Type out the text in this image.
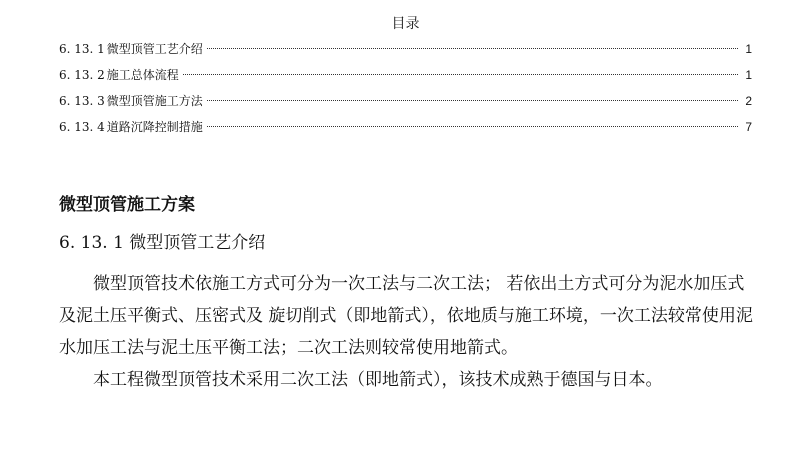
目录
6. 13. 1 微型顶管工艺介绍	1
6. 13. 2 施工总体流程	1
6. 13. 3 微型顶管施工方法	2
6. 13. 4 道路沉降控制措施	7
微型顶管施工方案
6. 13. 1 微型顶管工艺介绍

微型顶管技术依施工方式可分为一次工法与二次工法； 若依出土方式可分为泥水加压式及泥土压平衡式、压密式及 旋切削式（即地箭式），依地质与施工环境，一次工法较常使用泥水加压工法与泥土压平衡工法；二次工法则较常使用地箭式。

本工程微型顶管技术采用二次工法（即地箭式），该技术成熟于德国与日本。
